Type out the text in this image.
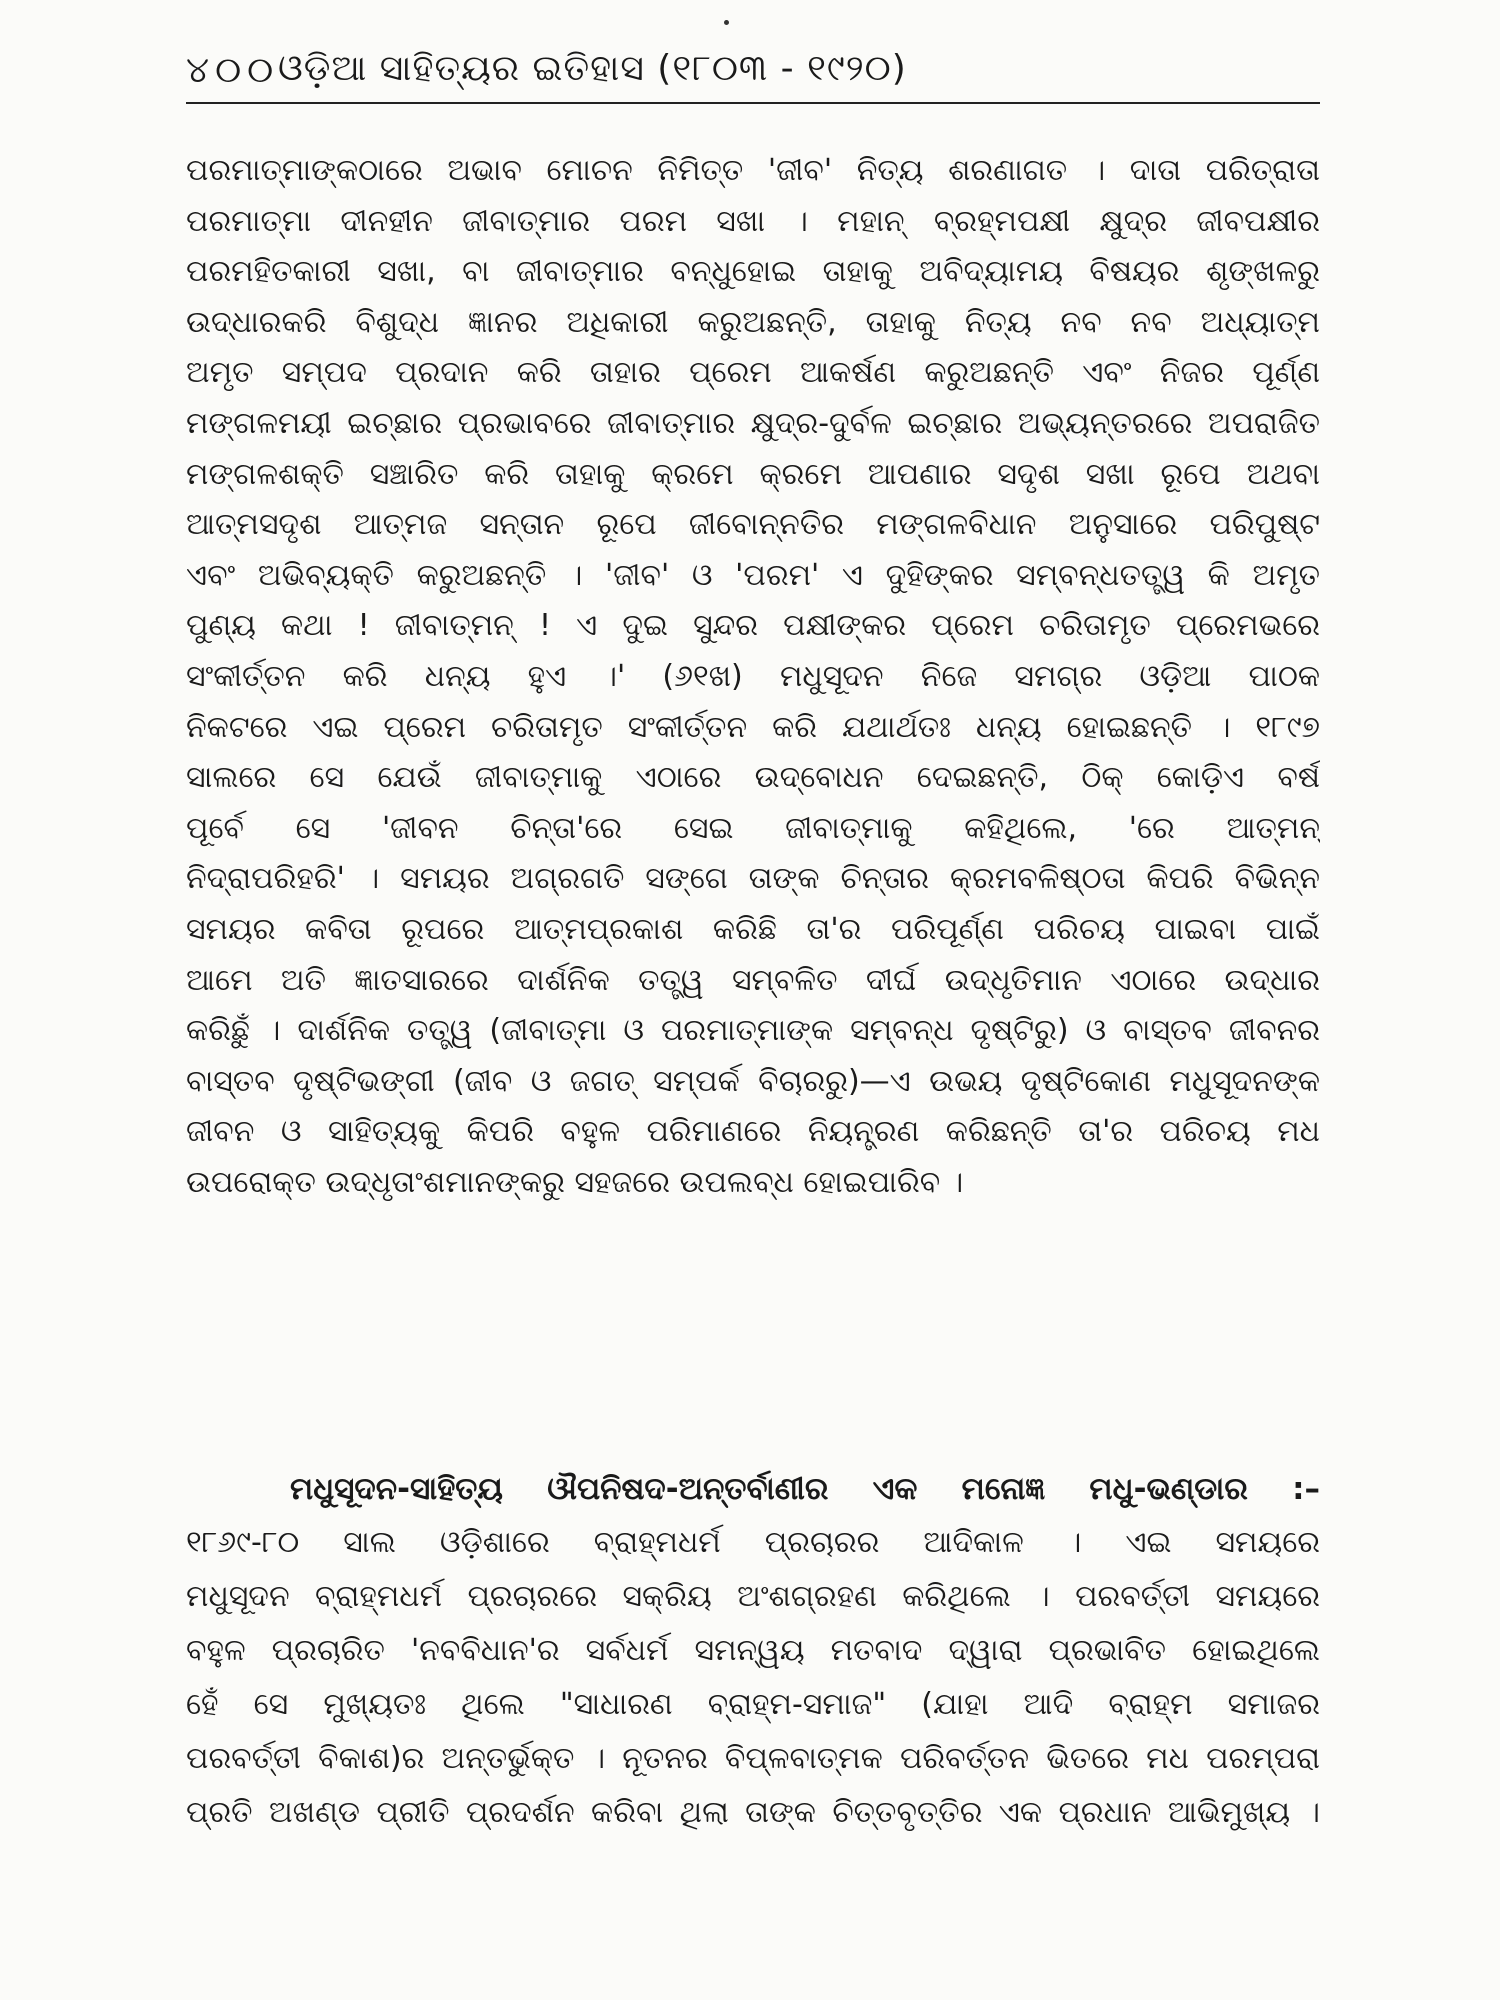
୪୦୦
ଓଡ଼ିଆ ସାହିତ୍ୟର ଇତିହାସ (୧୮୦୩ - ୧୯୨୦)
ପରମାତ୍ମାଙ୍କଠାରେ ଅଭାବ ମୋଚନ ନିମିତ୍ତ 'ଜୀବ' ନିତ୍ୟ ଶରଣାଗତ । ଦାତା ପରିତ୍ରାତା
ପରମାତ୍ମା ଦୀନହୀନ ଜୀବାତ୍ମାର ପରମ ସଖା । ମହାନ୍ ବ୍ରହ୍ମପକ୍ଷୀ କ୍ଷୁଦ୍ର ଜୀବପକ୍ଷୀର
ପରମହିତକାରୀ ସଖା, ବା ଜୀବାତ୍ମାର ବନ୍ଧୁହୋଇ ତାହାକୁ ଅବିଦ୍ୟାମୟ ବିଷୟର ଶୃଙ୍ଖଳରୁ
ଉଦ୍ଧାରକରି ବିଶୁଦ୍ଧ ଜ୍ଞାନର ଅଧିକାରୀ କରୁଅଛନ୍ତି, ତାହାକୁ ନିତ୍ୟ ନବ ନବ ଅଧ୍ୟାତ୍ମ
ଅମୃତ ସମ୍ପଦ ପ୍ରଦାନ କରି ତାହାର ପ୍ରେମ ଆକର୍ଷଣ କରୁଅଛନ୍ତି ଏବଂ ନିଜର ପୂର୍ଣ୍ଣ
ମଙ୍ଗଳମୟୀ ଇଚ୍ଛାର ପ୍ରଭାବରେ ଜୀବାତ୍ମାର କ୍ଷୁଦ୍ର-ଦୁର୍ବଳ ଇଚ୍ଛାର ଅଭ୍ୟନ୍ତରରେ ଅପରାଜିତ
ମଙ୍ଗଳଶକ୍ତି ସଞ୍ଚାରିତ କରି ତାହାକୁ କ୍ରମେ କ୍ରମେ ଆପଣାର ସଦୃଶ ସଖା ରୂପେ ଅଥବା
ଆତ୍ମସଦୃଶ ଆତ୍ମଜ ସନ୍ତାନ ରୂପେ ଜୀବୋନ୍ନତିର ମଙ୍ଗଳବିଧାନ ଅନୁସାରେ ପରିପୁଷ୍ଟ
ଏବଂ ଅଭିବ୍ୟକ୍ତି କରୁଅଛନ୍ତି । 'ଜୀବ' ଓ 'ପରମ' ଏ ଦୁହିଙ୍କର ସମ୍ବନ୍ଧତତ୍ତ୍ୱ କି ଅମୃତ
ପୁଣ୍ୟ କଥା ! ଜୀବାତ୍ମନ୍ ! ଏ ଦୁଇ ସୁନ୍ଦର ପକ୍ଷୀଙ୍କର ପ୍ରେମ ଚରିତାମୃତ ପ୍ରେମଭରେ
ସଂକୀର୍ତ୍ତନ କରି ଧନ୍ୟ ହୁଏ ।' (୬୧ଖ) ମଧୁସୂଦନ ନିଜେ ସମଗ୍ର ଓଡ଼ିଆ ପାଠକ
ନିକଟରେ ଏଇ ପ୍ରେମ ଚରିତାମୃତ ସଂକୀର୍ତ୍ତନ କରି ଯଥାର୍ଥତଃ ଧନ୍ୟ ହୋଇଛନ୍ତି । ୧୮୯୭
ସାଲରେ ସେ ଯେଉଁ ଜୀବାତ୍ମାକୁ ଏଠାରେ ଉଦ୍‌ବୋଧନ ଦେଇଛନ୍ତି, ଠିକ୍ କୋଡ଼ିଏ ବର୍ଷ
ପୂର୍ବେ ସେ 'ଜୀବନ ଚିନ୍ତା'ରେ ସେଇ ଜୀବାତ୍ମାକୁ କହିଥିଲେ, 'ରେ ଆତ୍ମନ୍
ନିଦ୍ରାପରିହରି' । ସମୟର ଅଗ୍ରଗତି ସଙ୍ଗେ ତାଙ୍କ ଚିନ୍ତାର କ୍ରମବଳିଷ୍ଠତା କିପରି ବିଭିନ୍ନ
ସମୟର କବିତା ରୂପରେ ଆତ୍ମପ୍ରକାଶ କରିଛି ତା'ର ପରିପୂର୍ଣ୍ଣ ପରିଚୟ ପାଇବା ପାଇଁ
ଆମେ ଅତି ଜ୍ଞାତସାରରେ ଦାର୍ଶନିକ ତତ୍ତ୍ୱ ସମ୍ବଳିତ ଦୀର୍ଘ ଉଦ୍ଧୃତିମାନ ଏଠାରେ ଉଦ୍ଧାର
କରିଛୁଁ । ଦାର୍ଶନିକ ତତ୍ତ୍ୱ (ଜୀବାତ୍ମା ଓ ପରମାତ୍ମାଙ୍କ ସମ୍ବନ୍ଧ ଦୃଷ୍ଟିରୁ) ଓ ବାସ୍ତବ ଜୀବନର
ବାସ୍ତବ ଦୃଷ୍ଟିଭଙ୍ଗୀ (ଜୀବ ଓ ଜଗତ୍ ସମ୍ପର୍କ ବିଚାରରୁ)—ଏ ଉଭୟ ଦୃଷ୍ଟିକୋଣ ମଧୁସୂଦନଙ୍କ
ଜୀବନ ଓ ସାହିତ୍ୟକୁ କିପରି ବହୁଳ ପରିମାଣରେ ନିୟନ୍ତ୍ରଣ କରିଛନ୍ତି ତା'ର ପରିଚୟ ମଧ
ଉପରୋକ୍ତ ଉଦ୍ଧୃତାଂଶମାନଙ୍କରୁ ସହଜରେ ଉପଲବ୍ଧ ହୋଇପାରିବ ।
ମଧୁସୂଦନ-ସାହିତ୍ୟ ଔପନିଷଦ-ଅନ୍ତର୍ବାଣୀର ଏକ ମନୋଜ୍ଞ ମଧୁ-ଭଣ୍ଡାର :–
୧୮୬୯-୮୦ ସାଲ ଓଡ଼ିଶାରେ ବ୍ରାହ୍ମଧର୍ମ ପ୍ରଚାରର ଆଦିକାଳ । ଏଇ ସମୟରେ
ମଧୁସୂଦନ ବ୍ରାହ୍ମଧର୍ମ ପ୍ରଚାରରେ ସକ୍ରିୟ ଅଂଶଗ୍ରହଣ କରିଥିଲେ । ପରବର୍ତ୍ତୀ ସମୟରେ
ବହୁଳ ପ୍ରଚାରିତ 'ନବବିଧାନ'ର ସର୍ବଧର୍ମ ସମନ୍ୱୟ ମତବାଦ ଦ୍ୱାରା ପ୍ରଭାବିତ ହୋଇଥିଲେ
ହେଁ ସେ ମୁଖ୍ୟତଃ ଥିଲେ "ସାଧାରଣ ବ୍ରାହ୍ମ-ସମାଜ" (ଯାହା ଆଦି ବ୍ରାହ୍ମ ସମାଜର
ପରବର୍ତ୍ତୀ ବିକାଶ)ର ଅନ୍ତର୍ଭୁକ୍ତ । ନୂତନର ବିପ୍ଳବାତ୍ମକ ପରିବର୍ତ୍ତନ ଭିତରେ ମଧ ପରମ୍ପରା
ପ୍ରତି ଅଖଣ୍ଡ ପ୍ରୀତି ପ୍ରଦର୍ଶନ କରିବା ଥିଲା ତାଙ୍କ ଚିତ୍ତବୃତ୍ତିର ଏକ ପ୍ରଧାନ ଆଭିମୁଖ୍ୟ ।
